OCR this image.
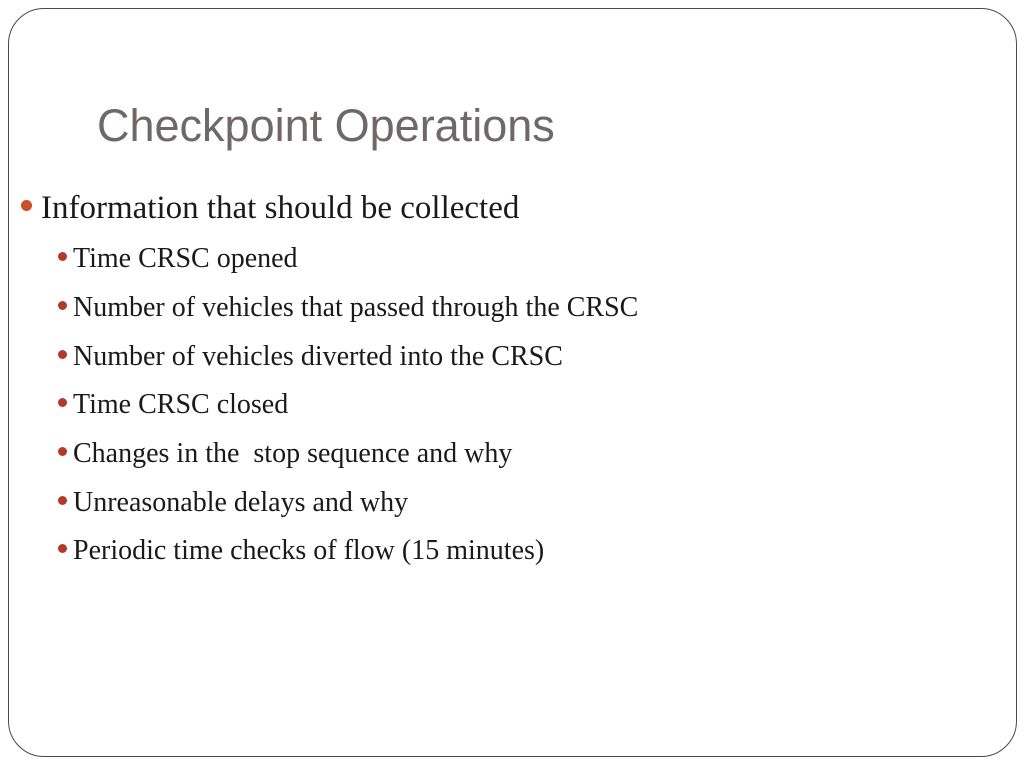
Checkpoint Operations
Information that should be collected
Time CRSC opened
Number of vehicles that passed through the CRSC
Number of vehicles diverted into the CRSC
Time CRSC closed
Changes in the  stop sequence and why
Unreasonable delays and why
Periodic time checks of flow (15 minutes)
